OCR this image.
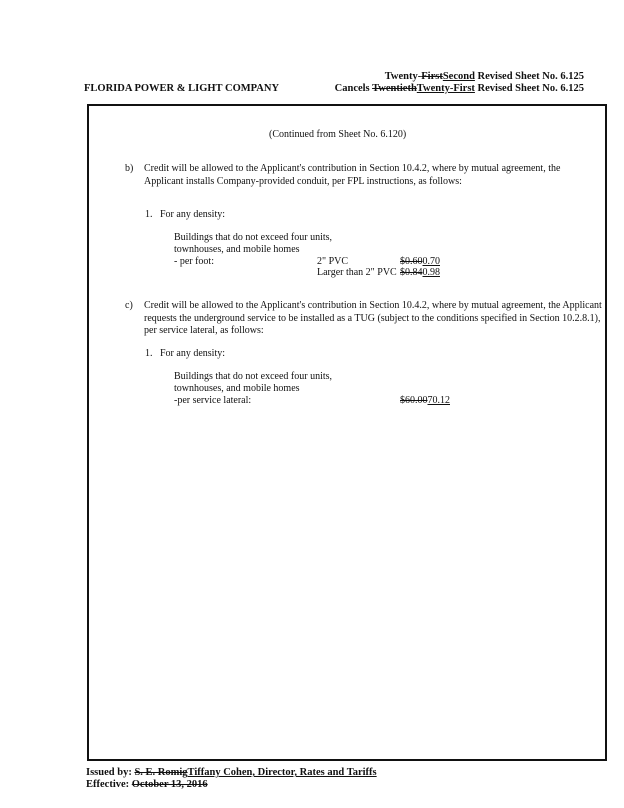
FLORIDA POWER & LIGHT COMPANY
Twenty-FirstSecond Revised Sheet No. 6.125
Cancels TwentiethTwenty-First Revised Sheet No. 6.125
(Continued from Sheet No. 6.120)
b) Credit will be allowed to the Applicant's contribution in Section 10.4.2, where by mutual agreement, the Applicant installs Company-provided conduit, per FPL instructions, as follows:
1. For any density:
Buildings that do not exceed four units,
townhouses, and mobile homes
- per foot:	2" PVC	$0.600.70
Larger than 2" PVC $0.840.98
c) Credit will be allowed to the Applicant's contribution in Section 10.4.2, where by mutual agreement, the Applicant requests the underground service to be installed as a TUG (subject to the conditions specified in Section 10.2.8.1), per service lateral, as follows:
1. For any density:
Buildings that do not exceed four units,
townhouses, and mobile homes
-per service lateral:	$60.0070.12
Issued by: S. E. RomigTiffany Cohen, Director, Rates and Tariffs
Effective: October 13, 2016
